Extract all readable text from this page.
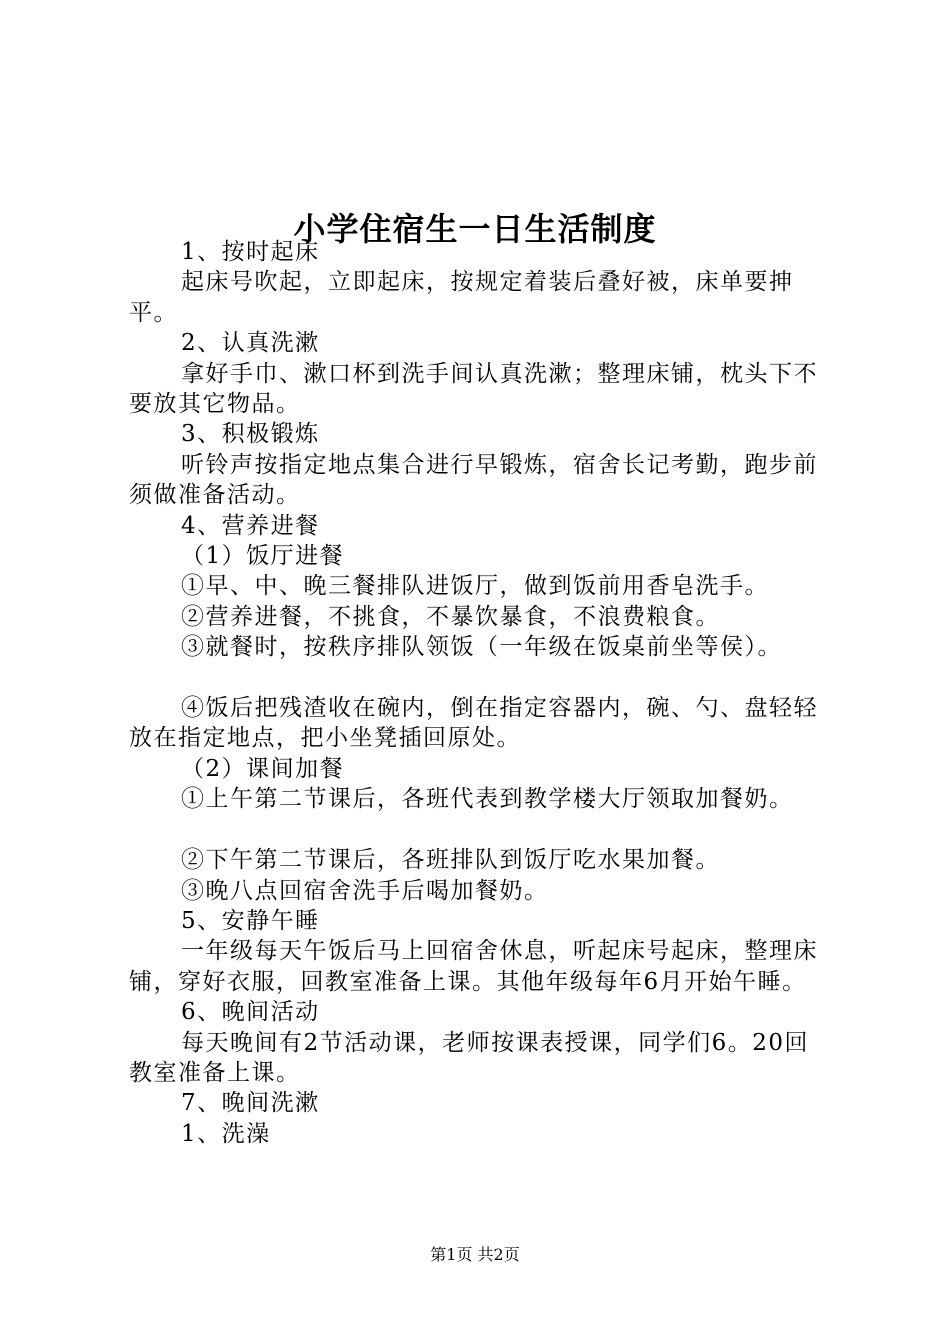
小学住宿生一日生活制度

1、按时起床

起床号吹起，立即起床，按规定着装后叠好被，床单要抻平。

2、认真洗漱

拿好手巾、漱口杯到洗手间认真洗漱；整理床铺，枕头下不要放其它物品。

3、积极锻炼

听铃声按指定地点集合进行早锻炼，宿舍长记考勤，跑步前须做准备活动。

4、营养进餐

（1）饭厅进餐

①早、中、晚三餐排队进饭厅，做到饭前用香皂洗手。

②营养进餐，不挑食，不暴饮暴食，不浪费粮食。

③就餐时，按秩序排队领饭（一年级在饭桌前坐等侯）。

④饭后把残渣收在碗内，倒在指定容器内，碗、勺、盘轻轻放在指定地点，把小坐凳插回原处。

（2）课间加餐

①上午第二节课后，各班代表到教学楼大厅领取加餐奶。

②下午第二节课后，各班排队到饭厅吃水果加餐。

③晚八点回宿舍洗手后喝加餐奶。

5、安静午睡

一年级每天午饭后马上回宿舍休息，听起床号起床，整理床铺，穿好衣服，回教室准备上课。其他年级每年6月开始午睡。

6、晚间活动

每天晚间有2节活动课，老师按课表授课，同学们6。20回教室准备上课。

7、晚间洗漱

1、洗澡

第1页 共2页
